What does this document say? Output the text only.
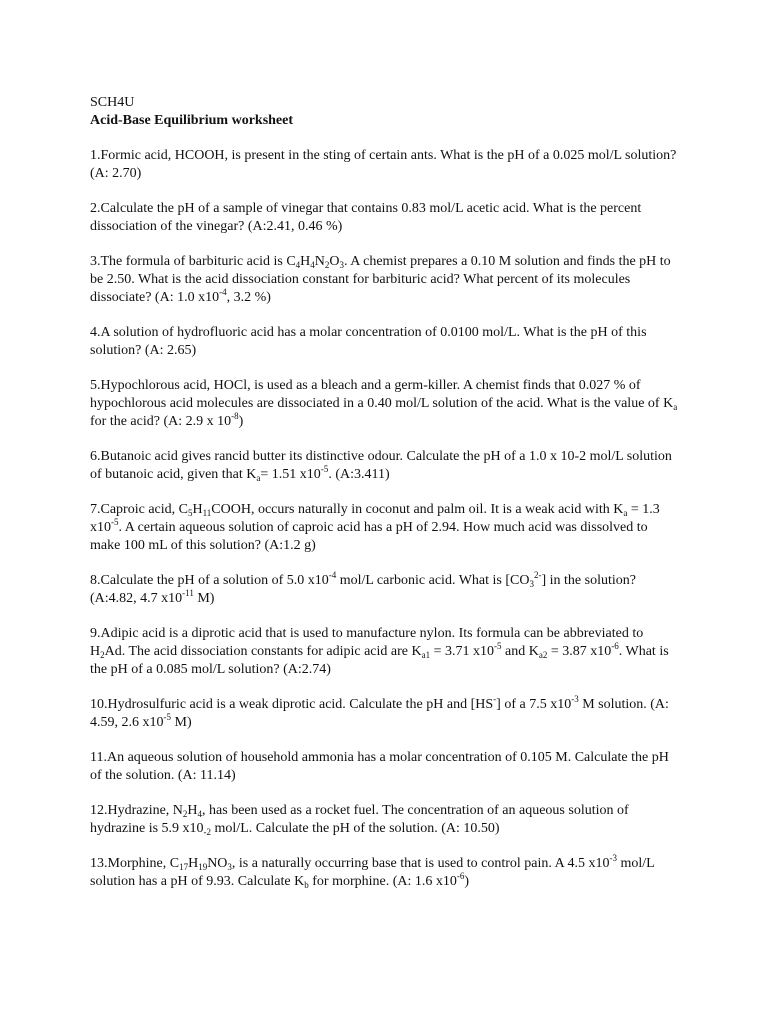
SCH4U
Acid-Base Equilibrium worksheet
1.Formic acid, HCOOH, is present in the sting of certain ants. What is the pH of a 0.025 mol/L solution? (A: 2.70)
2.Calculate the pH of a sample of vinegar that contains 0.83 mol/L acetic acid. What is the percent dissociation of the vinegar? (A:2.41, 0.46 %)
3.The formula of barbituric acid is $C_4H_4N_2O_3$. A chemist prepares a 0.10 M solution and finds the pH to be 2.50. What is the acid dissociation constant for barbituric acid? What percent of its molecules dissociate? (A: 1.0 $x10^{-4}$, 3.2 %)
4.A solution of hydrofluoric acid has a molar concentration of 0.0100 mol/L. What is the pH of this solution? (A: 2.65)
5.Hypochlorous acid, HOCl, is used as a bleach and a germ-killer. A chemist finds that 0.027 % of hypochlorous acid molecules are dissociated in a 0.40 mol/L solution of the acid. What is the value of $K_a$ for the acid? (A: 2.9 x $10^{-8}$)
6.Butanoic acid gives rancid butter its distinctive odour. Calculate the pH of a 1.0 x 10-2 mol/L solution of butanoic acid, given that $K_a= 1.51$ $x10^{-5}$. (A:3.411)
7.Caproic acid, $C_5H_{11}COOH$, occurs naturally in coconut and palm oil. It is a weak acid with $K_a = 1.3$ $x10^{-5}$. A certain aqueous solution of caproic acid has a pH of 2.94. How much acid was dissolved to make 100 mL of this solution? (A:1.2 g)
8.Calculate the pH of a solution of 5.0 $x10^{-4}$ mol/L carbonic acid. What is $[CO_3^{2-}]$ in the solution? (A:4.82, 4.7 $x10^{-11}$ M)
9.Adipic acid is a diprotic acid that is used to manufacture nylon. Its formula can be abbreviated to $H_2Ad$. The acid dissociation constants for adipic acid are $K_{a1} = 3.71$ $x10^{-5}$ and $K_{a2} = 3.87$ $x10^{-6}$. What is the pH of a 0.085 mol/L solution? (A:2.74)
10.Hydrosulfuric acid is a weak diprotic acid. Calculate the pH and [HS-] of a 7.5 $x10^{-3}$ M solution. (A: 4.59, 2.6 $x10^{-5}$ M)
11.An aqueous solution of household ammonia has a molar concentration of 0.105 M. Calculate the pH of the solution. (A: 11.14)
12.Hydrazine, $N_2H_4$, has been used as a rocket fuel. The concentration of an aqueous solution of hydrazine is 5.9 $x10_{-2}$ mol/L. Calculate the pH of the solution. (A: 10.50)
13.Morphine, $C_{17}H_{19}NO_3$, is a naturally occurring base that is used to control pain. A 4.5 $x10^{-3}$ mol/L solution has a pH of 9.93. Calculate $K_b$ for morphine. (A: 1.6 $x10^{-6}$)
